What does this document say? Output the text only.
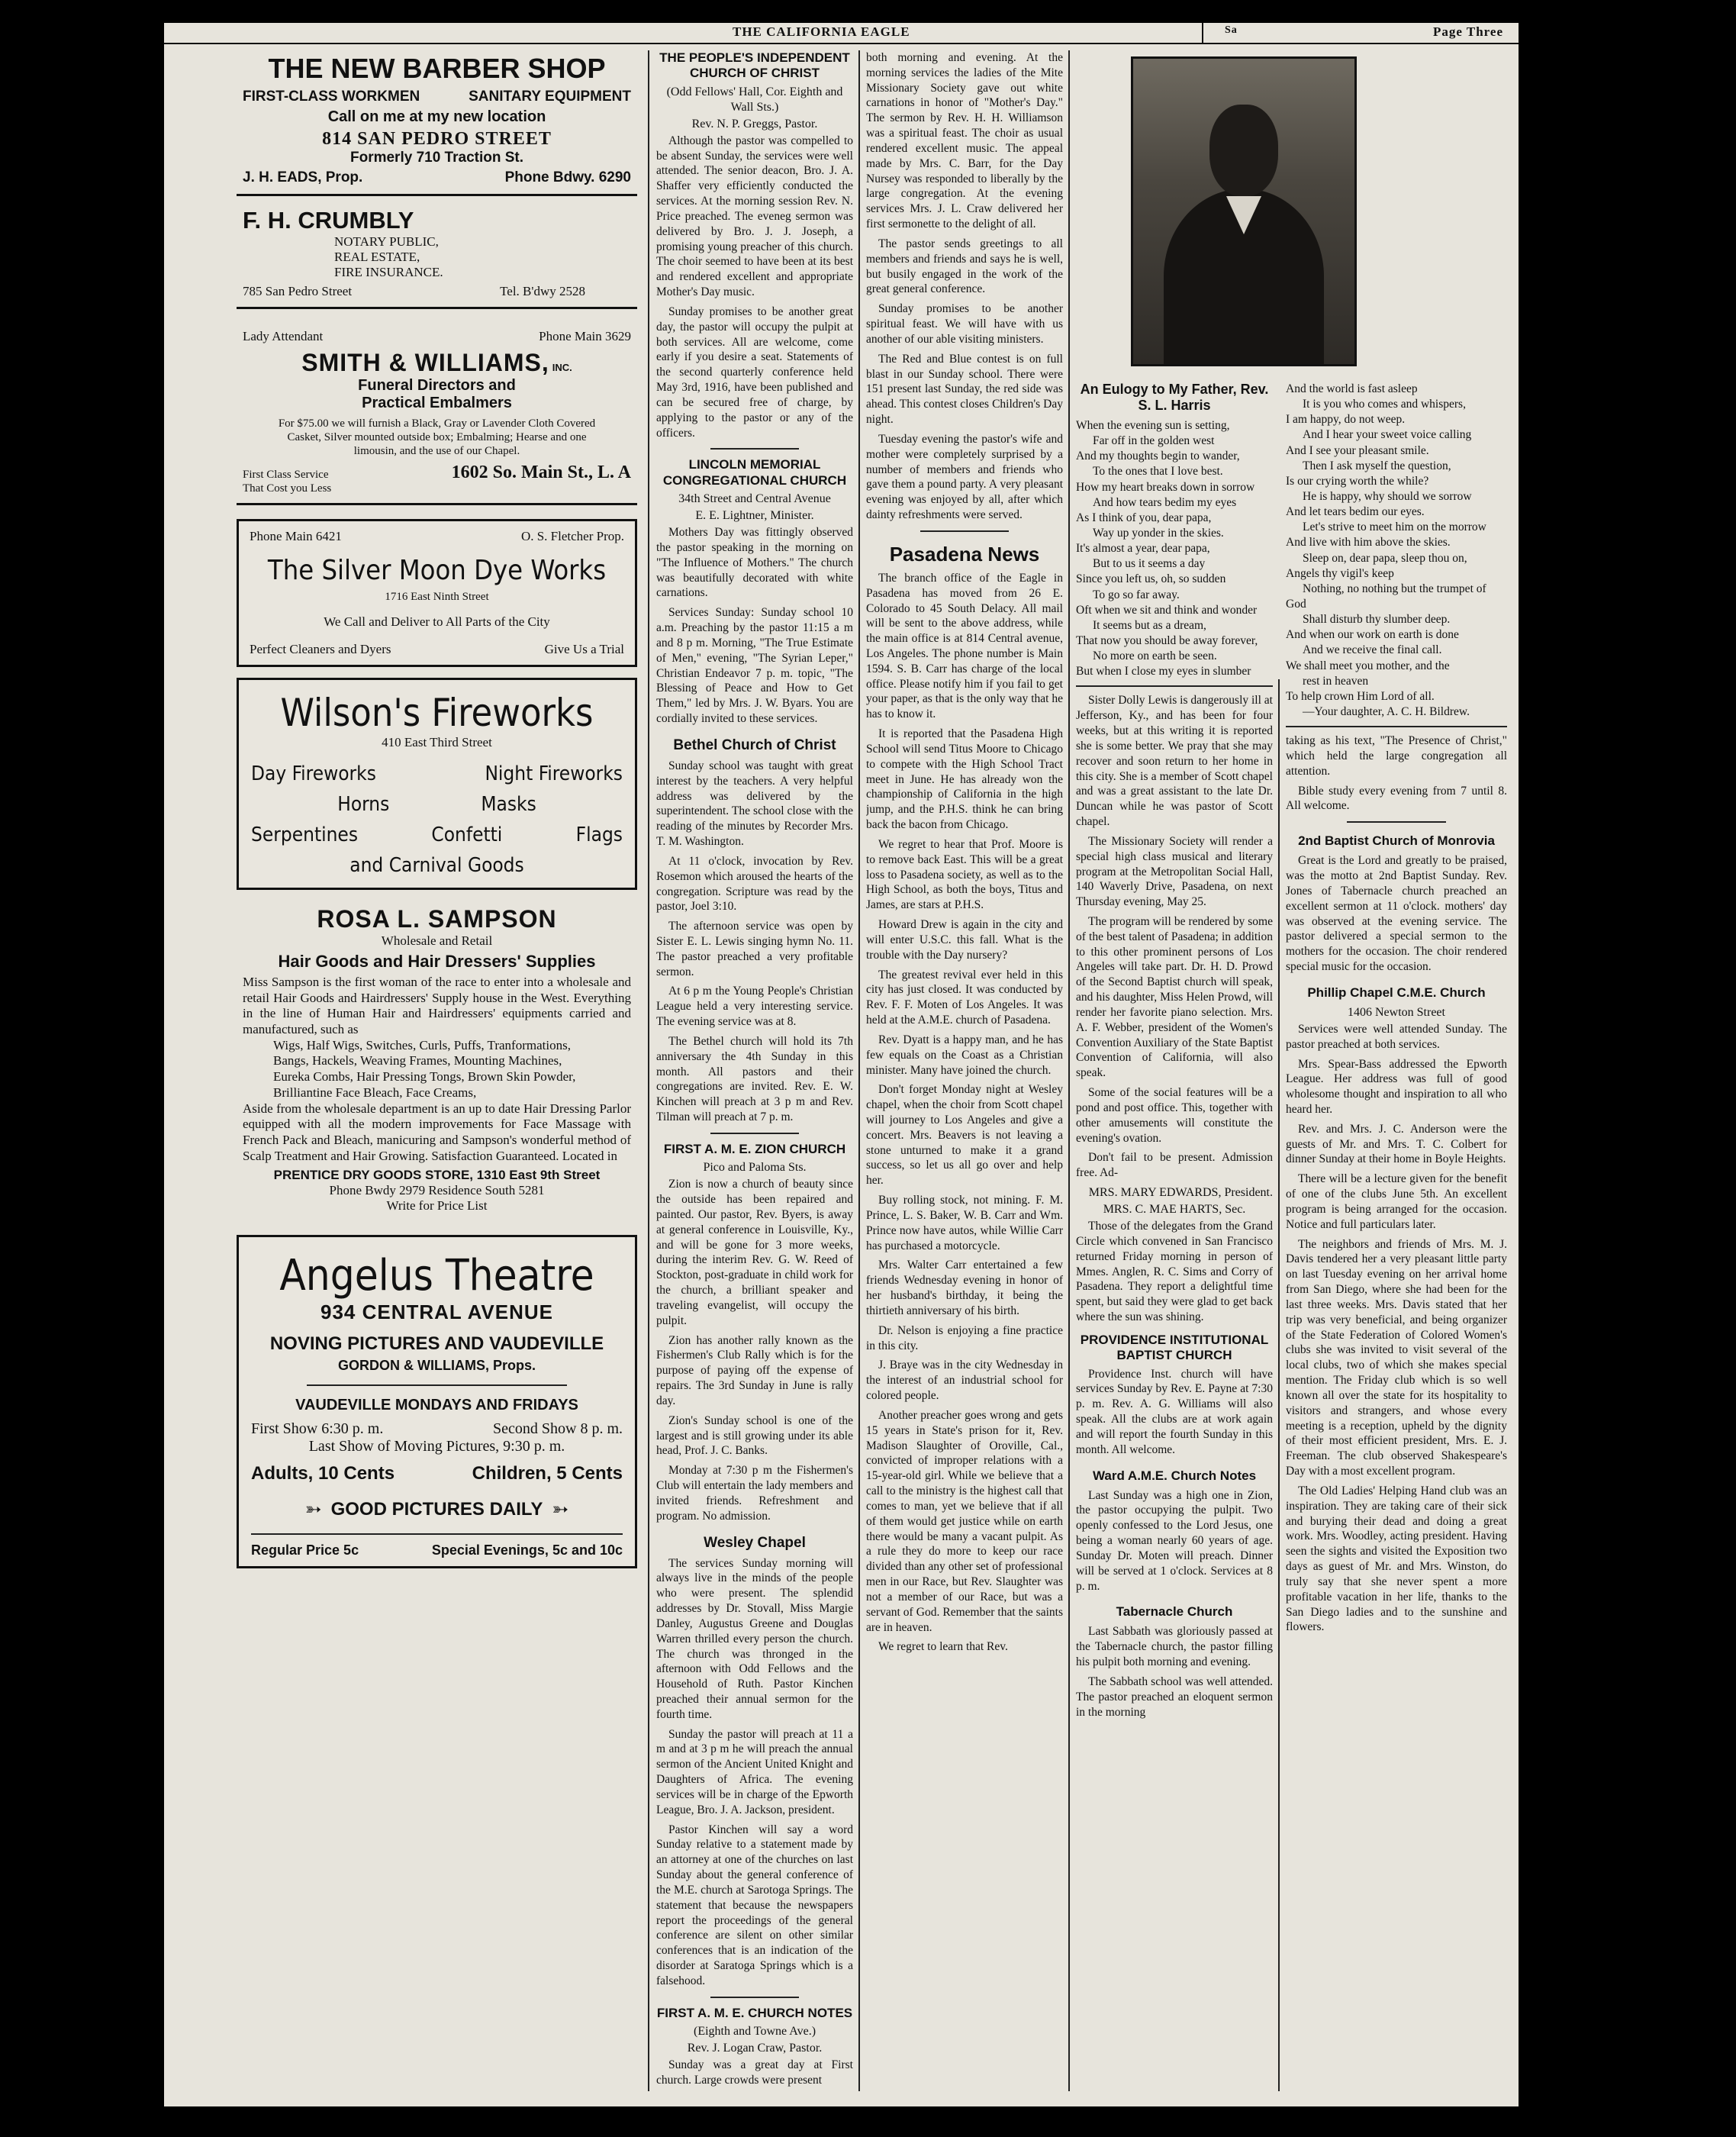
THE CALIFORNIA EAGLE	Sa	Page Three
THE NEW BARBER SHOP
FIRST-CLASS WORKMEN	SANITARY EQUIPMENT
Call on me at my new location
814 SAN PEDRO STREET
Formerly 710 Traction St.
J. H. EADS, Prop.	Phone Bdwy. 6290
F. H. CRUMBLY
NOTARY PUBLIC,
REAL ESTATE,
FIRE INSURANCE.
785 San Pedro Street	Tel. B'dwy 2528
Lady Attendant	Phone Main 3629
SMITH & WILLIAMS, INC.
Funeral Directors and
Practical Embalmers
For $75.00 we will furnish a Black, Gray or Lavender Cloth Covered Casket, Silver mounted outside box; Embalming; Hearse and one limousin, and the use of our Chapel.
First Class Service
That Cost you Less
1602 So. Main St., L. A
Phone Main 6421	O. S. Fletcher Prop.
The Silver Moon Dye Works
1716 East Ninth Street
We Call and Deliver to All Parts of the City
Perfect Cleaners and Dyers	Give Us a Trial
Wilson's Fireworks
410 East Third Street
Day Fireworks	Night Fireworks
Horns	Masks
Serpentines	Confetti	Flags
and Carnival Goods
ROSA L. SAMPSON
Wholesale and Retail
Hair Goods and Hair Dressers' Supplies
Miss Sampson is the first woman of the race to enter into a wholesale and retail Hair Goods and Hairdressers' Supply house in the West. Everything in the line of Human Hair and Hairdressers' equipments carried and manufactured, such as
Wigs, Half Wigs, Switches, Curls, Puffs, Tranformations, Bangs, Hackels, Weaving Frames, Mounting Machines, Eureka Combs, Hair Pressing Tongs, Brown Skin Powder, Brilliantine Face Bleach, Face Creams,
Aside from the wholesale department is an up to date Hair Dressing Parlor equipped with all the modern improvements for Face Massage with French Pack and Bleach, manicuring and Sampson's wonderful method of Scalp Treatment and Hair Growing. Satisfaction Guaranteed. Located in
PRENTICE DRY GOODS STORE, 1310 East 9th Street
Phone Bwdy 2979 Residence South 5281
Write for Price List
Angelus Theatre
934 CENTRAL AVENUE
NOVING PICTURES AND VAUDEVILLE
GORDON & WILLIAMS, Props.
VAUDEVILLE MONDAYS AND FRIDAYS
First Show 6:30 p. m.	Second Show 8 p. m.
Last Show of Moving Pictures, 9:30 p. m.
Adults, 10 Cents	Children, 5 Cents
➳ GOOD PICTURES DAILY ➳
Regular Price 5c	Special Evenings, 5c and 10c
THE PEOPLE'S INDEPENDENT CHURCH OF CHRIST
(Odd Fellows' Hall, Cor. Eighth and Wall Sts.)
Rev. N. P. Greggs, Pastor.

Although the pastor was compelled to be absent Sunday, the services were well attended. The senior deacon, Bro. J. A. Shaffer very efficiently conducted the services. At the morning session Rev. N. Price preached. The eveneg sermon was delivered by Bro. J. J. Joseph, a promising young preacher of this church. The choir seemed to have been at its best and rendered excellent and appropriate Mother's Day music.

Sunday promises to be another great day, the pastor will occupy the pulpit at both services. All are welcome, come early if you desire a seat. Statements of the second quarterly conference held May 3rd, 1916, have been published and can be secured free of charge, by applying to the pastor or any of the officers.

LINCOLN MEMORIAL CONGREGATIONAL CHURCH
34th Street and Central Avenue
E. E. Lightner, Minister.

Mothers Day was fittingly observed the pastor speaking in the morning on "The Influence of Mothers." The church was beautifully decorated with white carnations.

Services Sunday: Sunday school 10 a.m. Preaching by the pastor 11:15 a m and 8 p m. Morning, "The True Estimate of Men," evening, "The Syrian Leper," Christian Endeavor 7 p. m. topic, "The Blessing of Peace and How to Get Them," led by Mrs. J. W. Byars. You are cordially invited to these services.

Bethel Church of Christ

Sunday school was taught with great interest by the teachers. A very helpful address was delivered by the superintendent. The school close with the reading of the minutes by Recorder Mrs. T. M. Washington.

At 11 o'clock, invocation by Rev. Rosemon which aroused the hearts of the congregation. Scripture was read by the pastor, Joel 3:10.

The afternoon service was open by Sister E. L. Lewis singing hymn No. 11. The pastor preached a very profitable sermon.

At 6 p m the Young People's Christian League held a very interesting service. The evening service was at 8.

The Bethel church will hold its 7th anniversary the 4th Sunday in this month. All pastors and their congregations are invited. Rev. E. W. Kinchen will preach at 3 p m and Rev. Tilman will preach at 7 p. m.

FIRST A. M. E. ZION CHURCH
Pico and Paloma Sts.

Zion is now a church of beauty since the outside has been repaired and painted. Our pastor, Rev. Byers, is away at general conference in Louisville, Ky., and will be gone for 3 more weeks, during the interim Rev. G. W. Reed of Stockton, post-graduate in child work for the church, a brilliant speaker and traveling evangelist, will occupy the pulpit.

Zion has another rally known as the Fishermen's Club Rally which is for the purpose of paying off the expense of repairs. The 3rd Sunday in June is rally day.

Zion's Sunday school is one of the largest and is still growing under its able head, Prof. J. C. Banks.

Monday at 7:30 p m the Fishermen's Club will entertain the lady members and invited friends. Refreshment and program. No admission.

Wesley Chapel

The services Sunday morning will always live in the minds of the people who were present. The splendid addresses by Dr. Stovall, Miss Margie Danley, Augustus Greene and Douglas Warren thrilled every person the church. The church was thronged in the afternoon with Odd Fellows and the Household of Ruth. Pastor Kinchen preached their annual sermon for the fourth time.

Sunday the pastor will preach at 11 a m and at 3 p m he will preach the annual sermon of the Ancient United Knight and Daughters of Africa. The evening services will be in charge of the Epworth League, Bro. J. A. Jackson, president.

Pastor Kinchen will say a word Sunday relative to a statement made by an attorney at one of the churches on last Sunday about the general conference of the M.E. church at Sarotoga Springs. The statement that because the newspapers report the proceedings of the general conference are silent on other similar conferences that is an indication of the disorder at Saratoga Springs which is a falsehood.

FIRST A. M. E. CHURCH NOTES
(Eighth and Towne Ave.)
Rev. J. Logan Craw, Pastor.

Sunday was a great day at First church. Large crowds were present

both morning and evening. At the morning services the ladies of the Mite Missionary Society gave out white carnations in honor of "Mother's Day." The sermon by Rev. H. H. Williamson was a spiritual feast. The choir as usual rendered excellent music. The appeal made by Mrs. C. Barr, for the Day Nursey was responded to liberally by the large congregation. At the evening services Mrs. J. L. Craw delivered her first sermonette to the delight of all.

The pastor sends greetings to all members and friends and says he is well, but busily engaged in the work of the great general conference.

Sunday promises to be another spiritual feast. We will have with us another of our able visiting ministers.

The Red and Blue contest is on full blast in our Sunday school. There were 151 present last Sunday, the red side was ahead. This contest closes Children's Day night.

Tuesday evening the pastor's wife and mother were completely surprised by a number of members and friends who gave them a pound party. A very pleasant evening was enjoyed by all, after which dainty refreshments were served.

Pasadena News

The branch office of the Eagle in Pasadena has moved from 26 E. Colorado to 45 South Delacy. All mail will be sent to the above address, while the main office is at 814 Central avenue, Los Angeles. The phone number is Main 1594. S. B. Carr has charge of the local office. Please notify him if you fail to get your paper, as that is the only way that he has to know it.

It is reported that the Pasadena High School will send Titus Moore to Chicago to compete with the High School Tract meet in June. He has already won the championship of California in the high jump, and the P.H.S. think he can bring back the bacon from Chicago.

We regret to hear that Prof. Moore is to remove back East. This will be a great loss to Pasadena society, as well as to the High School, as both the boys, Titus and James, are stars at P.H.S.

Howard Drew is again in the city and will enter U.S.C. this fall. What is the trouble with the Day nursery?

The greatest revival ever held in this city has just closed. It was conducted by Rev. F. F. Moten of Los Angeles. It was held at the A.M.E. church of Pasadena.

Rev. Dyatt is a happy man, and he has few equals on the Coast as a Christian minister. Many have joined the church.

Don't forget Monday night at Wesley chapel, when the choir from Scott chapel will journey to Los Angeles and give a concert. Mrs. Beavers is not leaving a stone unturned to make it a grand success, so let us all go over and help her.

Buy rolling stock, not mining. F. M. Prince, L. S. Baker, W. B. Carr and Wm. Prince now have autos, while Willie Carr has purchased a motorcycle.

Mrs. Walter Carr entertained a few friends Wednesday evening in honor of her husband's birthday, it being the thirtieth anniversary of his birth.

Dr. Nelson is enjoying a fine practice in this city.

J. Braye was in the city Wednesday in the interest of an industrial school for colored people.

Another preacher goes wrong and gets 15 years in State's prison for it, Rev. Madison Slaughter of Oroville, Cal., convicted of improper relations with a 15-year-old girl. While we believe that a call to the ministry is the highest call that comes to man, yet we believe that if all of them would get justice while on earth there would be many a vacant pulpit. As a rule they do more to keep our race divided than any other set of professional men in our Race, but Rev. Slaughter was not a member of our Race, but was a servant of God. Remember that the saints are in heaven.

We regret to learn that Rev.

An Eulogy to My Father, Rev. S. L. Harris

When the evening sun is setting,

Far off in the golden west

And my thoughts begin to wander,

To the ones that I love best.

How my heart breaks down in sorrow

And how tears bedim my eyes

As I think of you, dear papa,

Way up yonder in the skies.

It's almost a year, dear papa,

But to us it seems a day

Since you left us, oh, so sudden

To go so far away.

Oft when we sit and think and wonder

It seems but as a dream,

That now you should be away forever,

No more on earth be seen.

But when I close my eyes in slumber

Sister Dolly Lewis is dangerously ill at Jefferson, Ky., and has been for four weeks, but at this writing it is reported she is some better. We pray that she may recover and soon return to her home in this city. She is a member of Scott chapel and was a great assistant to the late Dr. Duncan while he was pastor of Scott chapel.

The Missionary Society will render a special high class musical and literary program at the Metropolitan Social Hall, 140 Waverly Drive, Pasadena, on next Thursday evening, May 25.

The program will be rendered by some of the best talent of Pasadena; in addition to this other prominent persons of Los Angeles will take part. Dr. H. D. Prowd of the Second Baptist church will speak, and his daughter, Miss Helen Prowd, will render her favorite piano selection. Mrs. A. F. Webber, president of the Women's Convention Auxiliary of the State Baptist Convention of California, will also speak.

Some of the social features will be a pond and post office. This, together with other amusements will constitute the evening's ovation.

Don't fail to be present. Admission free. Ad-

MRS. MARY EDWARDS, President.
MRS. C. MAE HARTS, Sec.

Those of the delegates from the Grand Circle which convened in San Francisco returned Friday morning in person of Mmes. Anglen, R. C. Sims and Corry of Pasadena. They report a delightful time spent, but said they were glad to get back where the sun was shining.

PROVIDENCE INSTITUTIONAL BAPTIST CHURCH

Providence Inst. church will have services Sunday by Rev. E. Payne at 7:30 p. m. Rev. A. G. Williams will also speak. All the clubs are at work again and will report the fourth Sunday in this month. All welcome.

Ward A.M.E. Church Notes

Last Sunday was a high one in Zion, the pastor occupying the pulpit. Two openly confessed to the Lord Jesus, one being a woman nearly 60 years of age. Sunday Dr. Moten will preach. Dinner will be served at 1 o'clock. Services at 8 p. m.

Tabernacle Church

Last Sabbath was gloriously passed at the Tabernacle church, the pastor filling his pulpit both morning and evening.

The Sabbath school was well attended. The pastor preached an eloquent sermon in the morning

And the world is fast asleep

It is you who comes and whispers,

I am happy, do not weep.

And I hear your sweet voice calling

And I see your pleasant smile.

Then I ask myself the question,

Is our crying worth the while?

He is happy, why should we sorrow

And let tears bedim our eyes.

Let's strive to meet him on the morrow

And live with him above the skies.

Sleep on, dear papa, sleep thou on,

Angels thy vigil's keep

Nothing, no nothing but the trumpet of

God

Shall disturb thy slumber deep.

And when our work on earth is done

And we receive the final call.

We shall meet you mother, and the

rest in heaven

To help crown Him Lord of all.

—Your daughter, A. C. H. Bildrew.

taking as his text, "The Presence of Christ," which held the large congregation all attention.

Bible study every evening from 7 until 8. All welcome.

2nd Baptist Church of Monrovia

Great is the Lord and greatly to be praised, was the motto at 2nd Baptist Sunday. Rev. Jones of Tabernacle church preached an excellent sermon at 11 o'clock. mothers' day was observed at the evening service. The pastor delivered a special sermon to the mothers for the occasion. The choir rendered special music for the occasion.

Phillip Chapel C.M.E. Church
1406 Newton Street

Services were well attended Sunday. The pastor preached at both services.

Mrs. Spear-Bass addressed the Epworth League. Her address was full of good wholesome thought and inspiration to all who heard her.

Rev. and Mrs. J. C. Anderson were the guests of Mr. and Mrs. T. C. Colbert for dinner Sunday at their home in Boyle Heights.

There will be a lecture given for the benefit of one of the clubs June 5th. An excellent program is being arranged for the occasion. Notice and full particulars later.

The neighbors and friends of Mrs. M. J. Davis tendered her a very pleasant little party on last Tuesday evening on her arrival home from San Diego, where she had been for the last three weeks. Mrs. Davis stated that her trip was very beneficial, and being organizer of the State Federation of Colored Women's clubs she was invited to visit several of the local clubs, two of which she makes special mention. The Friday club which is so well known all over the state for its hospitality to visitors and strangers, and whose every meeting is a reception, upheld by the dignity of their most efficient president, Mrs. E. J. Freeman. The club observed Shakespeare's Day with a most excellent program.

The Old Ladies' Helping Hand club was an inspiration. They are taking care of their sick and burying their dead and doing a great work. Mrs. Woodley, acting president. Having seen the sights and visited the Exposition two days as guest of Mr. and Mrs. Winston, do truly say that she never spent a more profitable vacation in her life, thanks to the San Diego ladies and to the sunshine and flowers.
